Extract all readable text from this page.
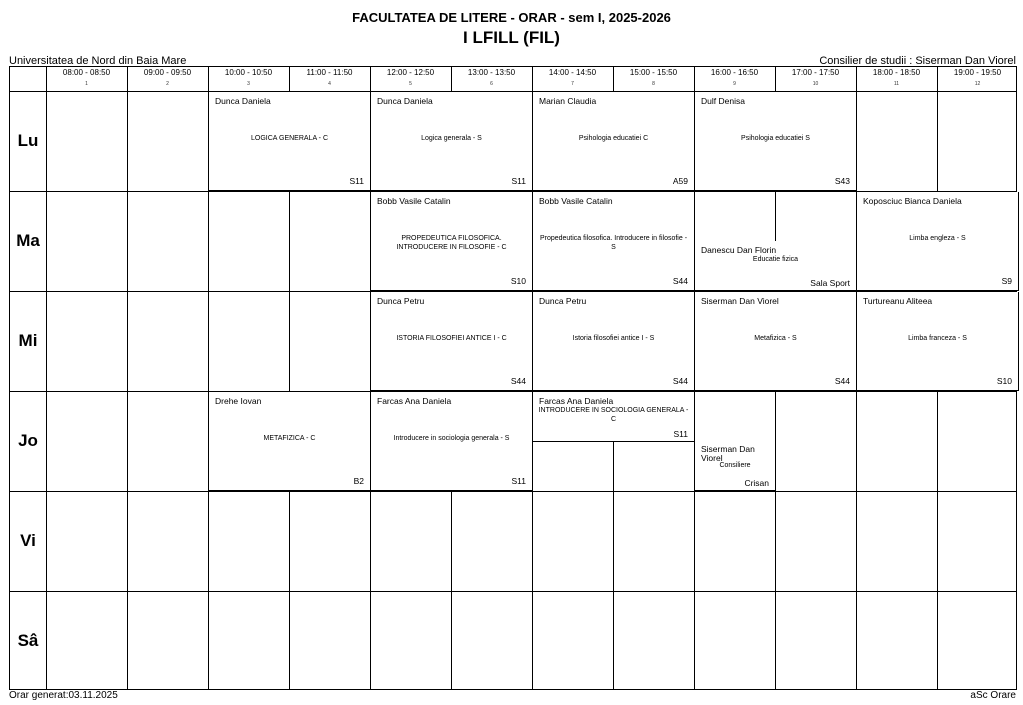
FACULTATEA DE LITERE - ORAR - sem I, 2025-2026
I LFILL (FIL)
Universitatea de Nord din Baia Mare	Consilier de studii : Siserman Dan Viorel
08:00 - 08:50
1
09:00 - 09:50
2
10:00 - 10:50
3
11:00 - 11:50
4
12:00 - 12:50
5
13:00 - 13:50
6
14:00 - 14:50
7
15:00 - 15:50
8
16:00 - 16:50
9
17:00 - 17:50
10
18:00 - 18:50
11
19:00 - 19:50
12
Lu
Ma
Mi
Jo
Vi
Sâ
Dunca Daniela
LOGICA GENERALA - C
S11
Dunca Daniela
Logica generala - S
S11
Marian Claudia
Psihologia educatiei C
A59
Dulf Denisa
Psihologia educatiei S
S43
Bobb Vasile Catalin
PROPEDEUTICA FILOSOFICA. INTRODUCERE IN FILOSOFIE - C
S10
Bobb Vasile Catalin
Propedeutica filosofica. Introducere in filosofie - S
S44
Danescu Dan Florin
Educatie fizica
Sala Sport
Koposciuc Bianca Daniela
Limba engleza - S
S9
Dunca Petru
ISTORIA FILOSOFIEI ANTICE I - C
S44
Dunca Petru
Istoria filosofiei antice I - S
S44
Siserman Dan Viorel
Metafizica - S
S44
Turtureanu Aliteea
Limba franceza - S
S10
Drehe Iovan
METAFIZICA - C
B2
Farcas Ana Daniela
Introducere in sociologia generala - S
S11
Farcas Ana Daniela
INTRODUCERE IN SOCIOLOGIA GENERALA - C
S11
Siserman Dan Viorel
Consiliere
Crisan
Orar generat:03.11.2025	aSc Orare
